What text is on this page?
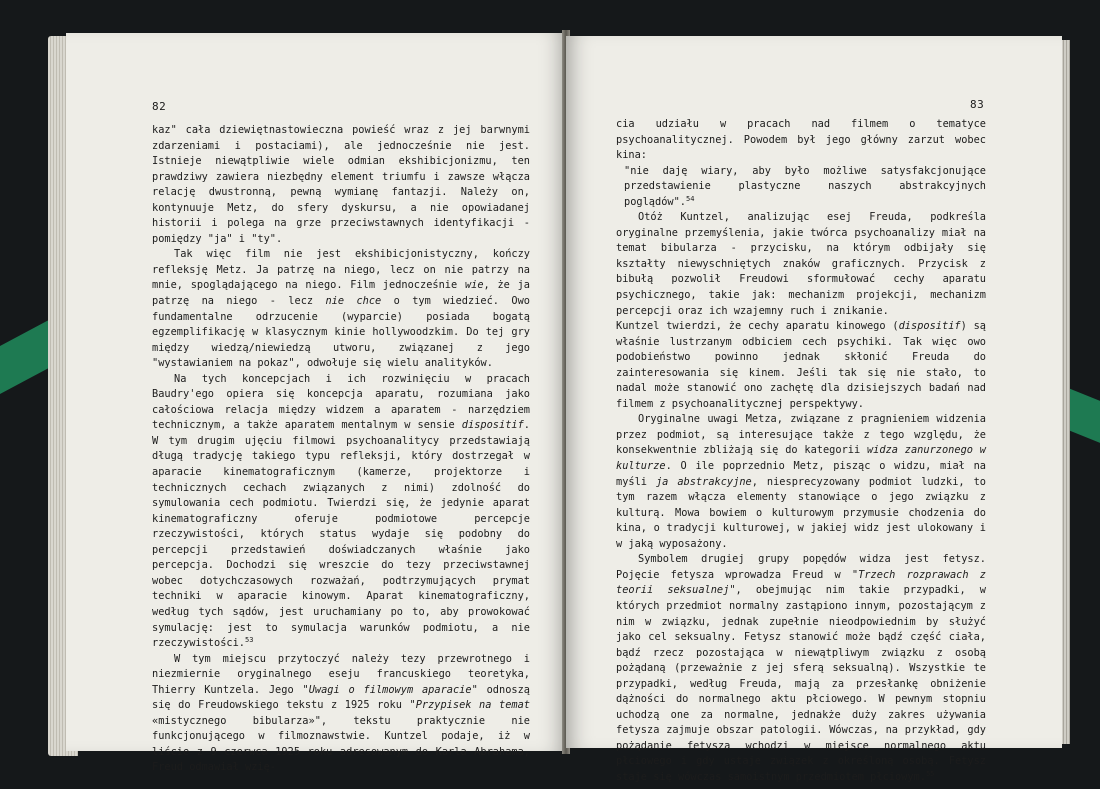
82

kaz" cała dziewiętnastowieczna powieść wraz z jej barwnymi zdarzeniami i postaciami), ale jednocześnie nie jest. Istnieje niewątpliwie wiele odmian ekshibicjonizmu, ten prawdziwy zawiera niezbędny element triumfu i zawsze włącza relację dwustronną, pewną wymianę fantazji. Należy on, kontynuuje Metz, do sfery dyskursu, a nie opowiadanej historii i polega na grze przeciwstawnych identyfikacji - pomiędzy "ja" i "ty".

Tak więc film nie jest ekshibicjonistyczny, kończy refleksję Metz. Ja patrzę na niego, lecz on nie patrzy na mnie, spoglądającego na niego. Film jednocześnie wie, że ja patrzę na niego - lecz nie chce o tym wiedzieć. Owo fundamentalne odrzucenie (wyparcie) posiada bogatą egzemplifikację w klasycznym kinie hollywoodzkim. Do tej gry między wiedzą/niewiedzą utworu, związanej z jego "wystawianiem na pokaz", odwołuje się wielu analityków.

Na tych koncepcjach i ich rozwinięciu w pracach Baudry'ego opiera się koncepcja aparatu, rozumiana jako całościowa relacja między widzem a aparatem - narzędziem technicznym, a także aparatem mentalnym w sensie dispositif. W tym drugim ujęciu filmowi psychoanalitycy przedstawiają długą tradycję takiego typu refleksji, który dostrzegał w aparacie kinematograficznym (kamerze, projektorze i technicznych cechach związanych z nimi) zdolność do symulowania cech podmiotu. Twierdzi się, że jedynie aparat kinematograficzny oferuje podmiotowe percepcje rzeczywistości, których status wydaje się podobny do percepcji przedstawień doświadczanych właśnie jako percepcja. Dochodzi się wreszcie do tezy przeciwstawnej wobec dotychczasowych rozważań, podtrzymujących prymat techniki w aparacie kinowym. Aparat kinematograficzny, według tych sądów, jest uruchamiany po to, aby prowokować symulację: jest to symulacja warunków podmiotu, a nie rzeczywistości.$^{53}$

W tym miejscu przytoczyć należy tezy przewrotnego i niezmiernie oryginalnego eseju francuskiego teoretyka, Thierry Kuntzela. Jego "Uwagi o filmowym aparacie" odnoszą się do Freudowskiego tekstu z 1925 roku "Przypisek na temat «mistycznego bibularza»", tekstu praktycznie nie funkcjonującego w filmoznawstwie. Kuntzel podaje, iż w liście z 9 czerwca 1925 roku adresowanym do Karla Abrahama, Freud odmawiał wzię-

83

cia udziału w pracach nad filmem o tematyce psychoanalitycznej. Powodem był jego główny zarzut wobec kina:

"nie daję wiary, aby było możliwe satysfakcjonujące przedstawienie plastyczne naszych abstrakcyjnych poglądów".$^{54}$

Otóż Kuntzel, analizując esej Freuda, podkreśla oryginalne przemyślenia, jakie twórca psychoanalizy miał na temat bibularza - przycisku, na którym odbijały się kształty niewyschniętych znaków graficznych. Przycisk z bibułą pozwolił Freudowi sformułować cechy aparatu psychicznego, takie jak: mechanizm projekcji, mechanizm percepcji oraz ich wzajemny ruch i znikanie.

Kuntzel twierdzi, że cechy aparatu kinowego (dispositif) są właśnie lustrzanym odbiciem cech psychiki. Tak więc owo podobieństwo powinno jednak skłonić Freuda do zainteresowania się kinem. Jeśli tak się nie stało, to nadal może stanowić ono zachętę dla dzisiejszych badań nad filmem z psychoanalitycznej perspektywy.

Oryginalne uwagi Metza, związane z pragnieniem widzenia przez podmiot, są interesujące także z tego względu, że konsekwentnie zbliżają się do kategorii widza zanurzonego w kulturze. O ile poprzednio Metz, pisząc o widzu, miał na myśli ja abstrakcyjne, niesprecyzowany podmiot ludzki, to tym razem włącza elementy stanowiące o jego związku z kulturą. Mowa bowiem o kulturowym przymusie chodzenia do kina, o tradycji kulturowej, w jakiej widz jest ulokowany i w jaką wyposażony.

Symbolem drugiej grupy popędów widza jest fetysz. Pojęcie fetysza wprowadza Freud w "Trzech rozprawach z teorii seksualnej", obejmując nim takie przypadki, w których przedmiot normalny zastąpiono innym, pozostającym z nim w związku, jednak zupełnie nieodpowiednim by służyć jako cel seksualny. Fetysz stanowić może bądź część ciała, bądź rzecz pozostająca w niewątpliwym związku z osobą pożądaną (przeważnie z jej sferą seksualną). Wszystkie te przypadki, według Freuda, mają za przesłankę obniżenie dążności do normalnego aktu płciowego. W pewnym stopniu uchodzą one za normalne, jednakże duży zakres używania fetysza zajmuje obszar patologii. Wówczas, na przykład, gdy pożądanie fetysza wchodzi w miejsce normalnego aktu płciowego i gdy ustaje związek z określoną osobą. Fetysz staje się wówczas samoistnym przedmiotem płciowym.$^{55}$
